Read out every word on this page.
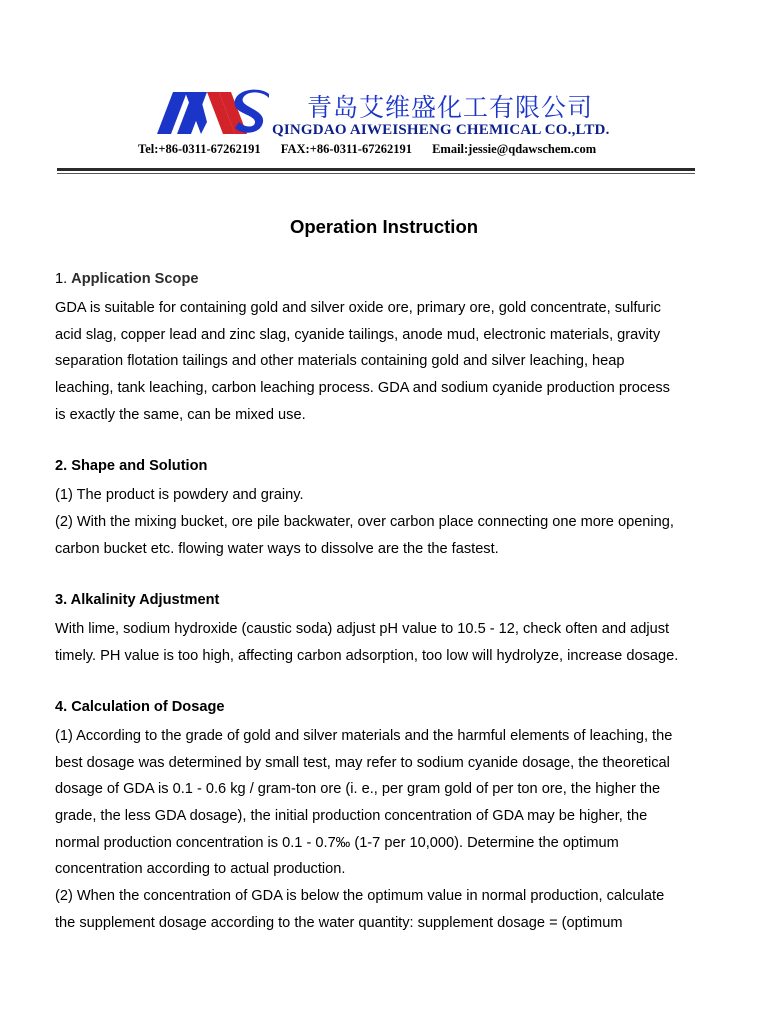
青岛艾维盛化工有限公司
QINGDAO AIWEISHENG CHEMICAL CO.,LTD.
Tel:+86-0311-67262191 FAX:+86-0311-67262191 Email:jessie@qdawschem.com
Operation Instruction
1. Application Scope

GDA is suitable for containing gold and silver oxide ore, primary ore, gold concentrate, sulfuric

acid slag, copper lead and zinc slag, cyanide tailings, anode mud, electronic materials, gravity

separation flotation tailings and other materials containing gold and silver leaching, heap

leaching, tank leaching, carbon leaching process. GDA and sodium cyanide production process

is exactly the same, can be mixed use.

2. Shape and Solution

(1) The product is powdery and grainy.

(2) With the mixing bucket, ore pile backwater, over carbon place connecting one more opening,

carbon bucket etc. flowing water ways to dissolve are the the fastest.

3. Alkalinity Adjustment

With lime, sodium hydroxide (caustic soda) adjust pH value to 10.5 - 12, check often and adjust

timely. PH value is too high, affecting carbon adsorption, too low will hydrolyze, increase dosage.

4. Calculation of Dosage

(1) According to the grade of gold and silver materials and the harmful elements of leaching, the

best dosage was determined by small test, may refer to sodium cyanide dosage, the theoretical

dosage of GDA is 0.1 - 0.6 kg / gram-ton ore (i. e., per gram gold of per ton ore, the higher the

grade, the less GDA dosage), the initial production concentration of GDA may be higher, the

normal production concentration is 0.1 - 0.7‰ (1-7 per 10,000). Determine the optimum

concentration according to actual production.

(2) When the concentration of GDA is below the optimum value in normal production, calculate

the supplement dosage according to the water quantity: supplement dosage = (optimum
